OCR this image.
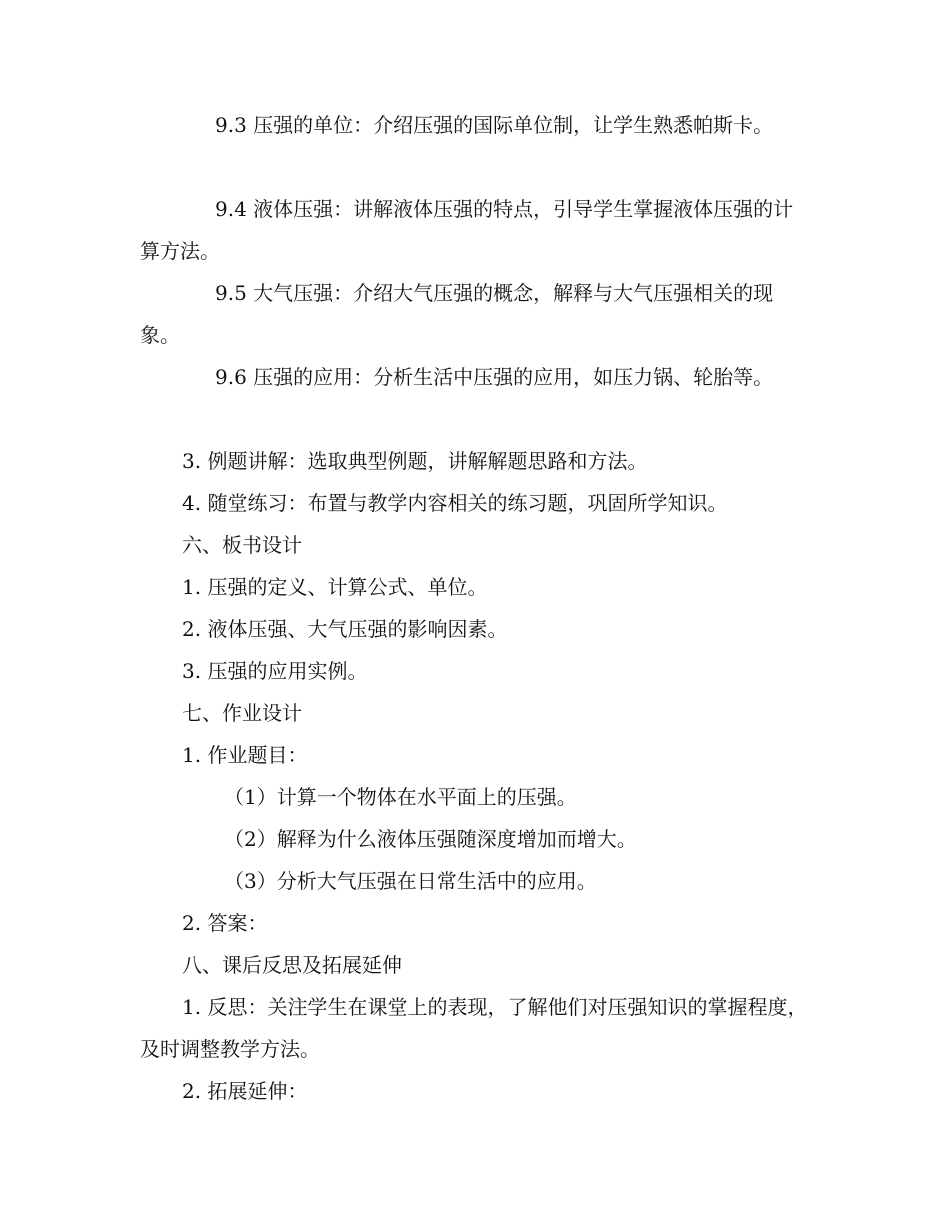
9.3 压强的单位：介绍压强的国际单位制，让学生熟悉帕斯卡。

9.4 液体压强：讲解液体压强的特点，引导学生掌握液体压强的计算方法。

9.5 大气压强：介绍大气压强的概念，解释与大气压强相关的现象。

9.6 压强的应用：分析生活中压强的应用，如压力锅、轮胎等。

3. 例题讲解：选取典型例题，讲解解题思路和方法。

4. 随堂练习：布置与教学内容相关的练习题，巩固所学知识。

六、板书设计

1. 压强的定义、计算公式、单位。

2. 液体压强、大气压强的影响因素。

3. 压强的应用实例。

七、作业设计

1. 作业题目：

（1）计算一个物体在水平面上的压强。

（2）解释为什么液体压强随深度增加而增大。

（3）分析大气压强在日常生活中的应用。

2. 答案：

八、课后反思及拓展延伸

1. 反思：关注学生在课堂上的表现，了解他们对压强知识的掌握程度，及时调整教学方法。

2. 拓展延伸：
